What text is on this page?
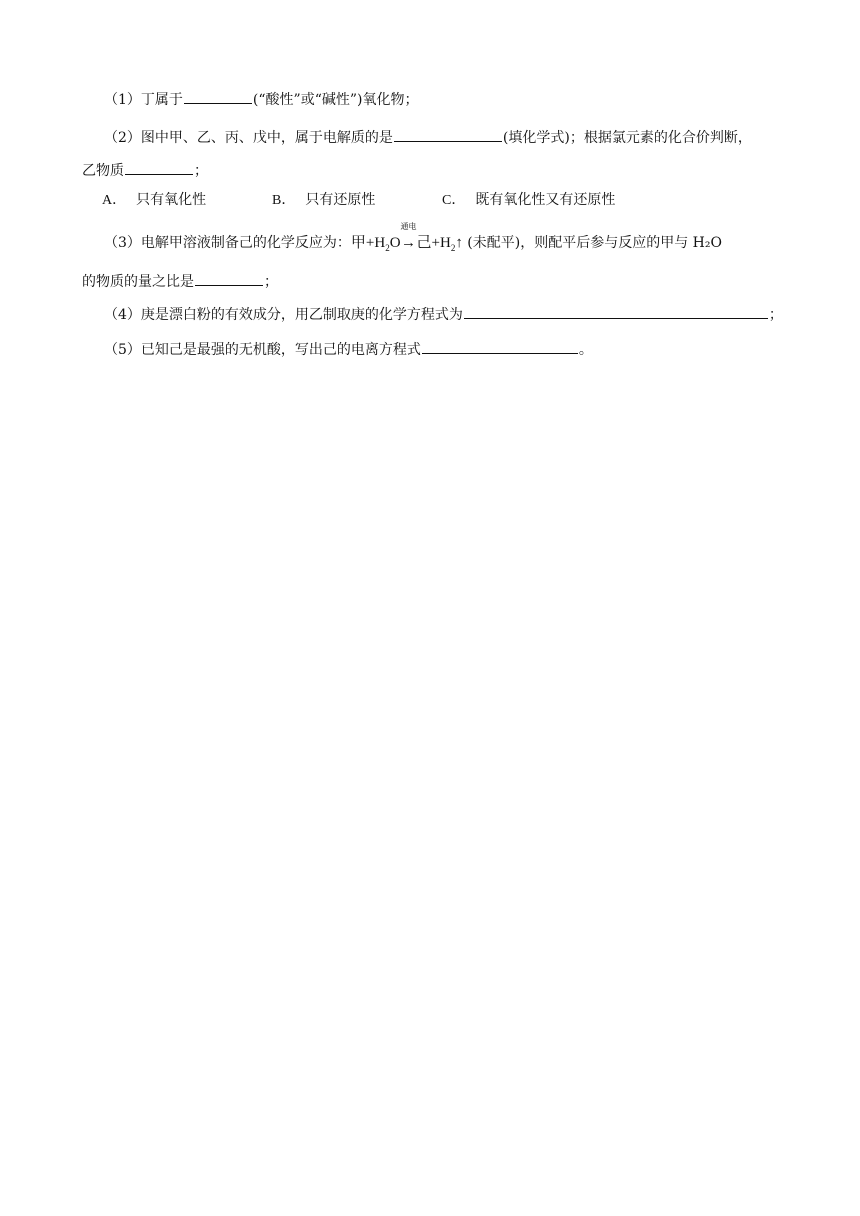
（1）丁属于	(“酸性”或“碱性”)氧化物；
（2）图中甲、乙、丙、戊中，属于电解质的是	(填化学式)；根据氯元素的化合价判断，
乙物质	；
A． 只有氧化性	B． 只有还原性	C． 既有氧化性又有还原性
（3）电解甲溶液制备己的化学反应为：甲$+H_2O$
通电
→己$+H_2↑$ (未配平)，则配平后参与反应的甲与 H₂O
的物质的量之比是	；
（4）庚是漂白粉的有效成分，用乙制取庚的化学方程式为	；
（5）已知己是最强的无机酸，写出己的电离方程式	。
